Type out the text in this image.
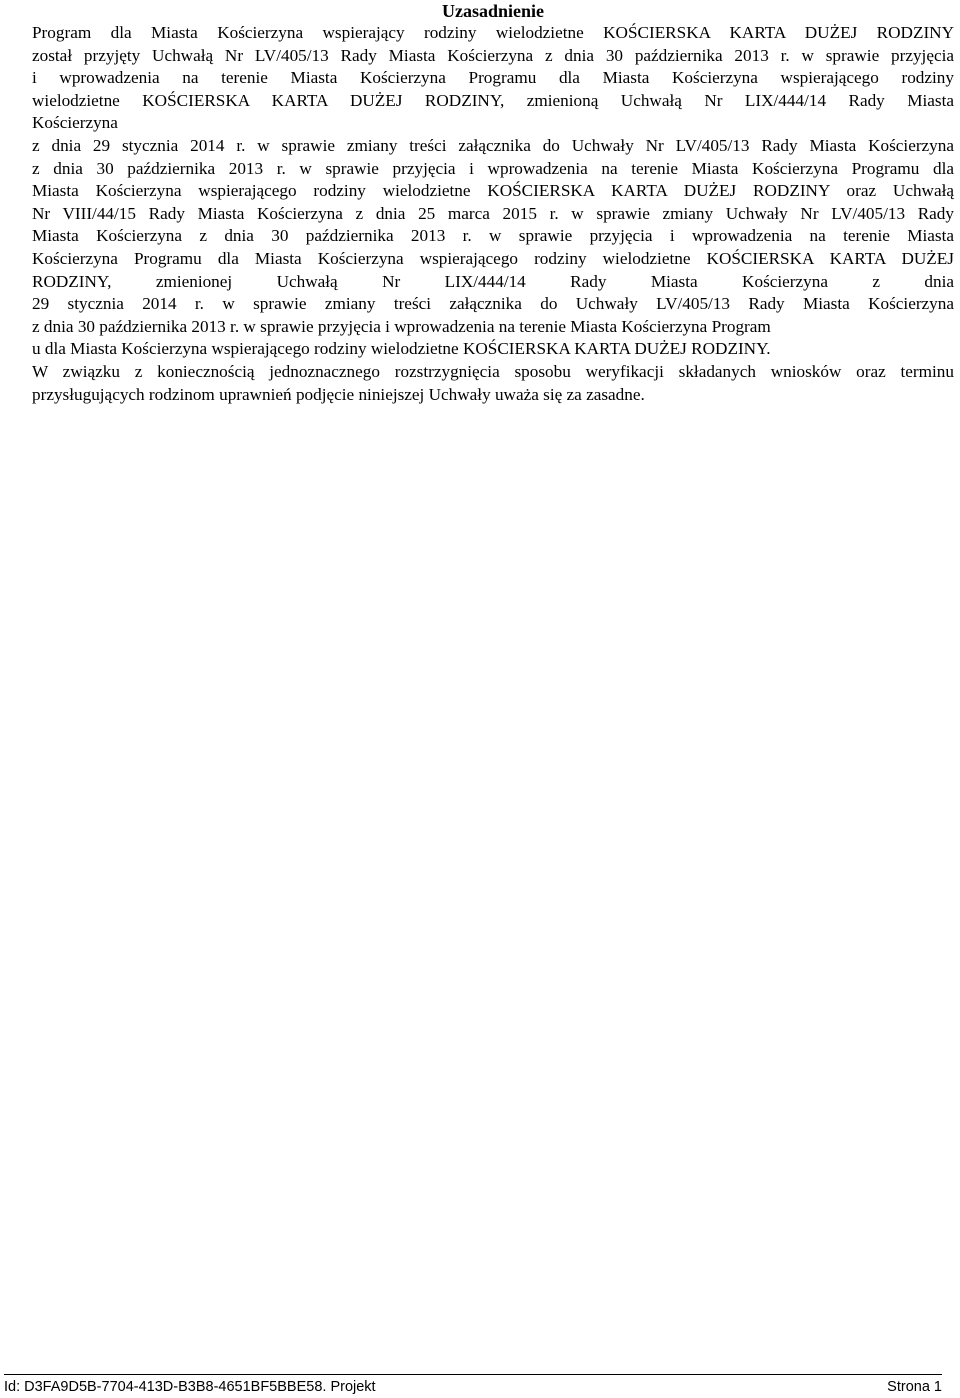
Uzasadnienie
Program dla Miasta Kościerzyna wspierający rodziny wielodzietne KOŚCIERSKA KARTA DUŻEJ RODZINY
został przyjęty Uchwałą Nr LV/405/13 Rady Miasta Kościerzyna z dnia 30 października 2013 r. w sprawie przyjęcia
i wprowadzenia na terenie Miasta Kościerzyna Programu dla Miasta Kościerzyna wspierającego rodziny
wielodzietne KOŚCIERSKA KARTA DUŻEJ RODZINY, zmienioną Uchwałą Nr LIX/444/14 Rady Miasta
Kościerzyna
z dnia 29 stycznia 2014 r. w sprawie zmiany treści załącznika do Uchwały Nr LV/405/13 Rady Miasta Kościerzyna
z dnia 30 października 2013 r. w sprawie przyjęcia i wprowadzenia na terenie Miasta Kościerzyna Programu dla
Miasta Kościerzyna wspierającego rodziny wielodzietne KOŚCIERSKA KARTA DUŻEJ RODZINY oraz Uchwałą
Nr VIII/44/15 Rady Miasta Kościerzyna z dnia 25 marca 2015 r. w sprawie zmiany Uchwały Nr LV/405/13 Rady
Miasta Kościerzyna z dnia 30 października 2013 r. w sprawie przyjęcia i wprowadzenia na terenie Miasta
Kościerzyna Programu dla Miasta Kościerzyna wspierającego rodziny wielodzietne KOŚCIERSKA KARTA DUŻEJ
RODZINY, zmienionej Uchwałą Nr LIX/444/14 Rady Miasta Kościerzyna z dnia
29 stycznia 2014 r. w sprawie zmiany treści załącznika do Uchwały LV/405/13 Rady Miasta Kościerzyna
z dnia 30 października 2013 r. w sprawie przyjęcia i wprowadzenia na terenie Miasta Kościerzyna Program
u dla Miasta Kościerzyna wspierającego rodziny wielodzietne KOŚCIERSKA KARTA DUŻEJ RODZINY.
W związku z koniecznością jednoznacznego rozstrzygnięcia sposobu weryfikacji składanych wniosków oraz terminu
przysługujących rodzinom uprawnień podjęcie niniejszej Uchwały uważa się za zasadne.
Id: D3FA9D5B-7704-413D-B3B8-4651BF5BBE58. Projekt	Strona 1
